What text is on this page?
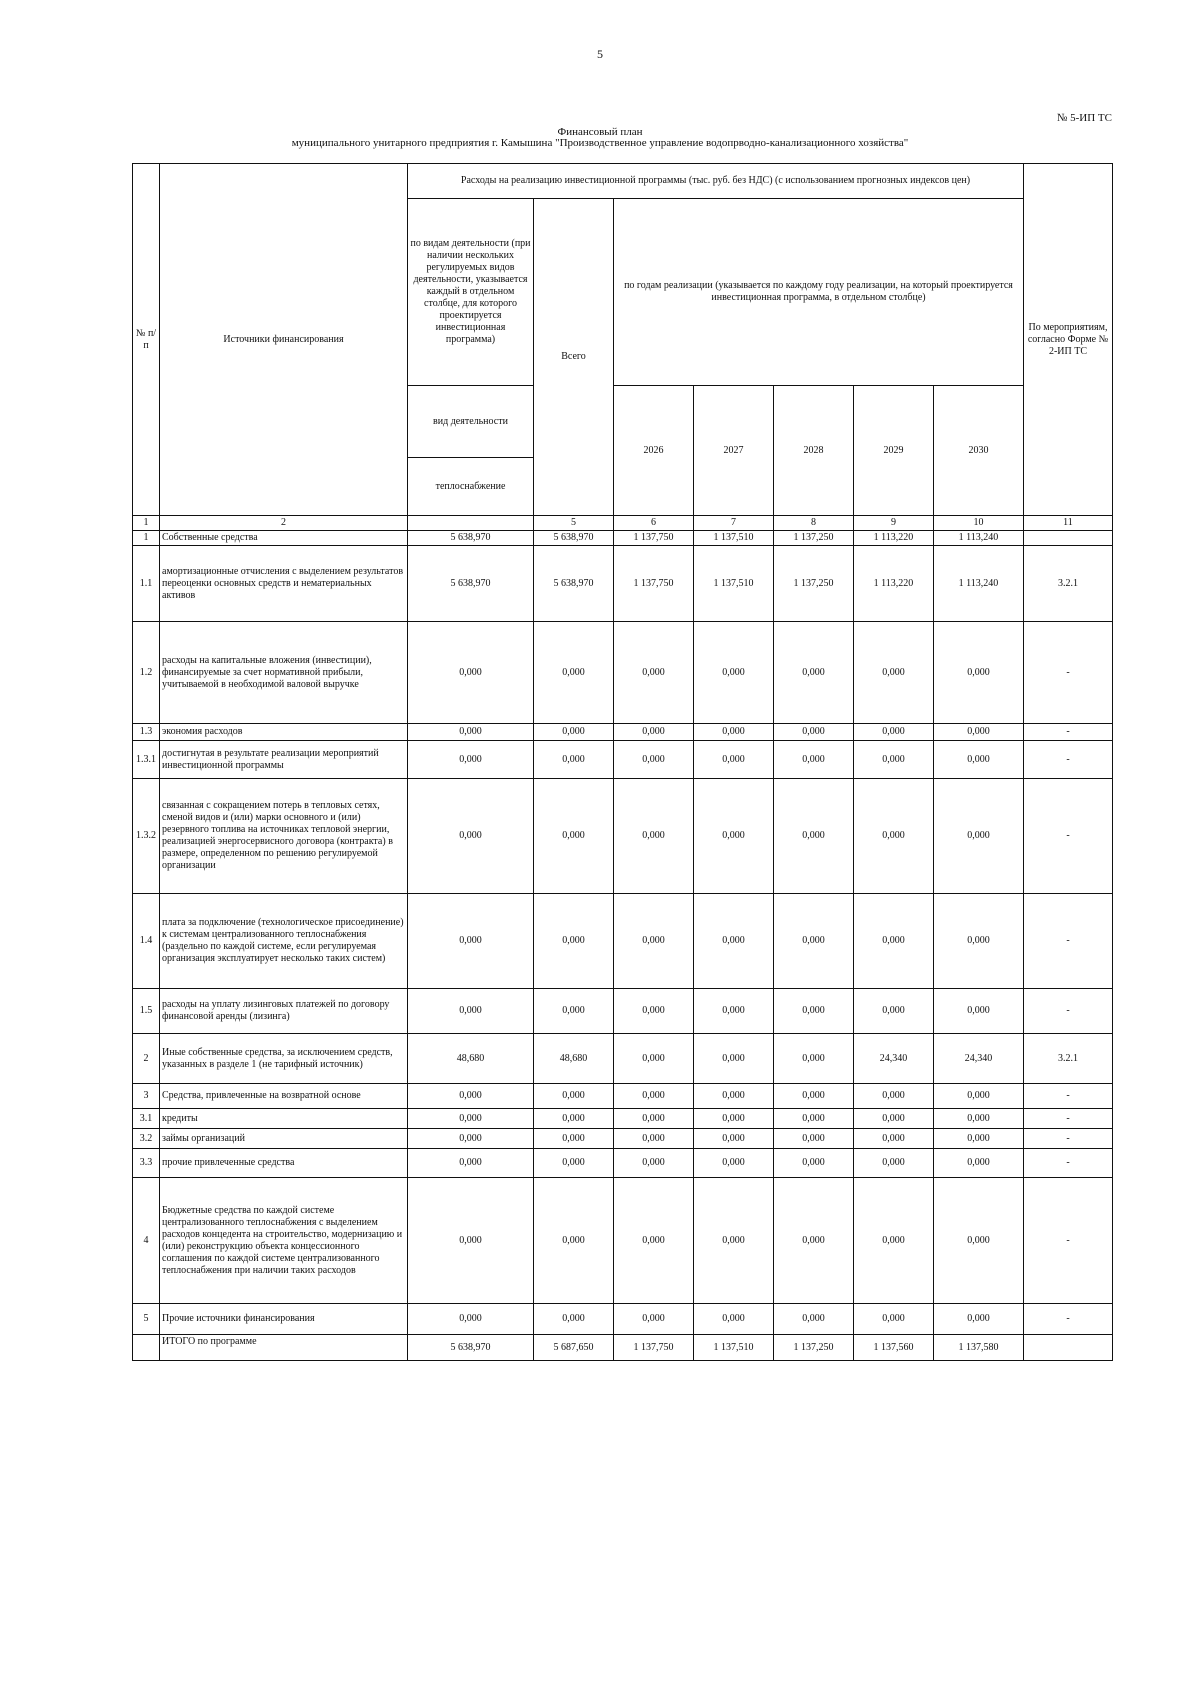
5
№ 5-ИП ТС
Финансовый план
муниципального унитарного предприятия г. Камышина "Производственное управление водопрводно-канализационного хозяйства"
№ п/п	Источники финансирования	Расходы на реализацию инвестиционной программы (тыс. руб. без НДС) (с использованием прогнозных индексов цен)							По мероприятиям, согласно Форме № 2-ИП ТС
		по видам деятельности (при наличии нескольких регулируемых видов деятельности, указывается каждый в отдельном столбце, для которого проектируется инвестиционная программа)	Всего	по годам реализации (указывается по каждому году реализации, на который проектируется инвестиционная программа, в отдельном столбце)					
		вид деятельности		2026	2027	2028	2029	2030	
		теплоснабжение							
1	2		5	6	7	8	9	10	11
1	Собственные средства	5 638,970	5 638,970	1 137,750	1 137,510	1 137,250	1 113,220	1 113,240	
1.1	амортизационные отчисления с выделением результатов переоценки основных средств и нематериальных активов	5 638,970	5 638,970	1 137,750	1 137,510	1 137,250	1 113,220	1 113,240	3.2.1
1.2	расходы на капитальные вложения (инвестиции), финансируемые за счет нормативной прибыли, учитываемой в необходимой валовой выручке	0,000	0,000	0,000	0,000	0,000	0,000	0,000	-
1.3	экономия расходов	0,000	0,000	0,000	0,000	0,000	0,000	0,000	-
1.3.1	достигнутая в результате реализации мероприятий инвестиционной программы	0,000	0,000	0,000	0,000	0,000	0,000	0,000	-
1.3.2	связанная с сокращением потерь в тепловых сетях, сменой видов и (или) марки основного и (или) резервного топлива на источниках тепловой энергии, реализацией энергосервисного договора (контракта) в размере, определенном по решению регулируемой организации	0,000	0,000	0,000	0,000	0,000	0,000	0,000	-
1.4	плата за подключение (технологическое присоединение) к системам централизованного теплоснабжения (раздельно по каждой системе, если регулируемая организация эксплуатирует несколько таких систем)	0,000	0,000	0,000	0,000	0,000	0,000	0,000	-
1.5	расходы на уплату лизинговых платежей по договору финансовой аренды (лизинга)	0,000	0,000	0,000	0,000	0,000	0,000	0,000	-
2	Иные собственные средства, за исключением средств, указанных в разделе 1 (не тарифный источник)	48,680	48,680	0,000	0,000	0,000	24,340	24,340	3.2.1
3	Средства, привлеченные на возвратной основе	0,000	0,000	0,000	0,000	0,000	0,000	0,000	-
3.1	кредиты	0,000	0,000	0,000	0,000	0,000	0,000	0,000	-
3.2	займы организаций	0,000	0,000	0,000	0,000	0,000	0,000	0,000	-
3.3	прочие привлеченные средства	0,000	0,000	0,000	0,000	0,000	0,000	0,000	-
4	Бюджетные средства по каждой системе централизованного теплоснабжения с выделением расходов концедента на строительство, модернизацию и (или) реконструкцию объекта концессионного соглашения по каждой системе централизованного теплоснабжения при наличии таких расходов	0,000	0,000	0,000	0,000	0,000	0,000	0,000	-
5	Прочие источники финансирования	0,000	0,000	0,000	0,000	0,000	0,000	0,000	-
	ИТОГО по программе	5 638,970	5 687,650	1 137,750	1 137,510	1 137,250	1 137,560	1 137,580	
